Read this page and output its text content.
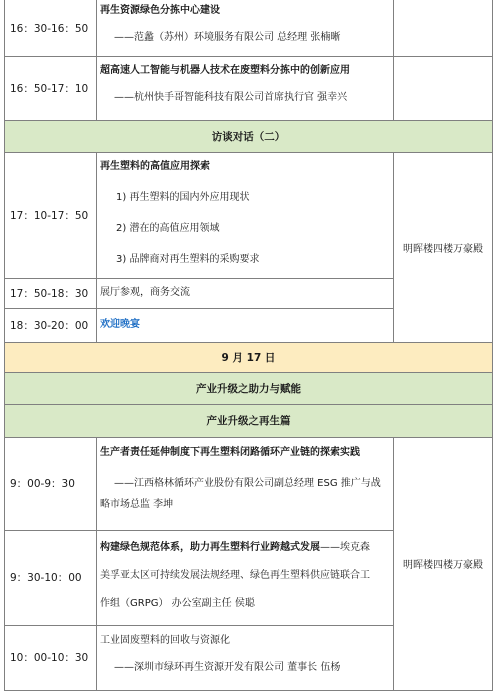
16：30-16：50
再生资源绿色分拣中心建设
——范蠡（苏州）环境服务有限公司 总经理 张楠晰
16：50-17：10
超高速人工智能与机器人技术在废塑料分拣中的创新应用
——杭州快手哥智能科技有限公司首席执行官 强幸兴
访谈对话（二）
17：10-17：50
再生塑料的高值应用探索
1) 再生塑料的国内外应用现状
2) 潜在的高值应用领域
3) 品牌商对再生塑料的采购要求
17：50-18：30	展厅参观，商务交流
18：30-20：00	欢迎晚宴
明晖楼四楼万豪殿
9 月 17 日
产业升级之助力与赋能
产业升级之再生篇
9：00-9：30
生产者责任延伸制度下再生塑料闭路循环产业链的探索实践
——江西格林循环产业股份有限公司副总经理 ESG 推广与战
略市场总监 李坤
9：30-10：00
构建绿色规范体系，助力再生塑料行业跨越式发展——埃克森
美孚亚太区可持续发展法规经理、绿色再生塑料供应链联合工
作组（GRPG） 办公室副主任 侯聪
10：00-10：30
工业固废塑料的回收与资源化
——深圳市绿环再生资源开发有限公司 董事长 伍杨
明晖楼四楼万豪殿
